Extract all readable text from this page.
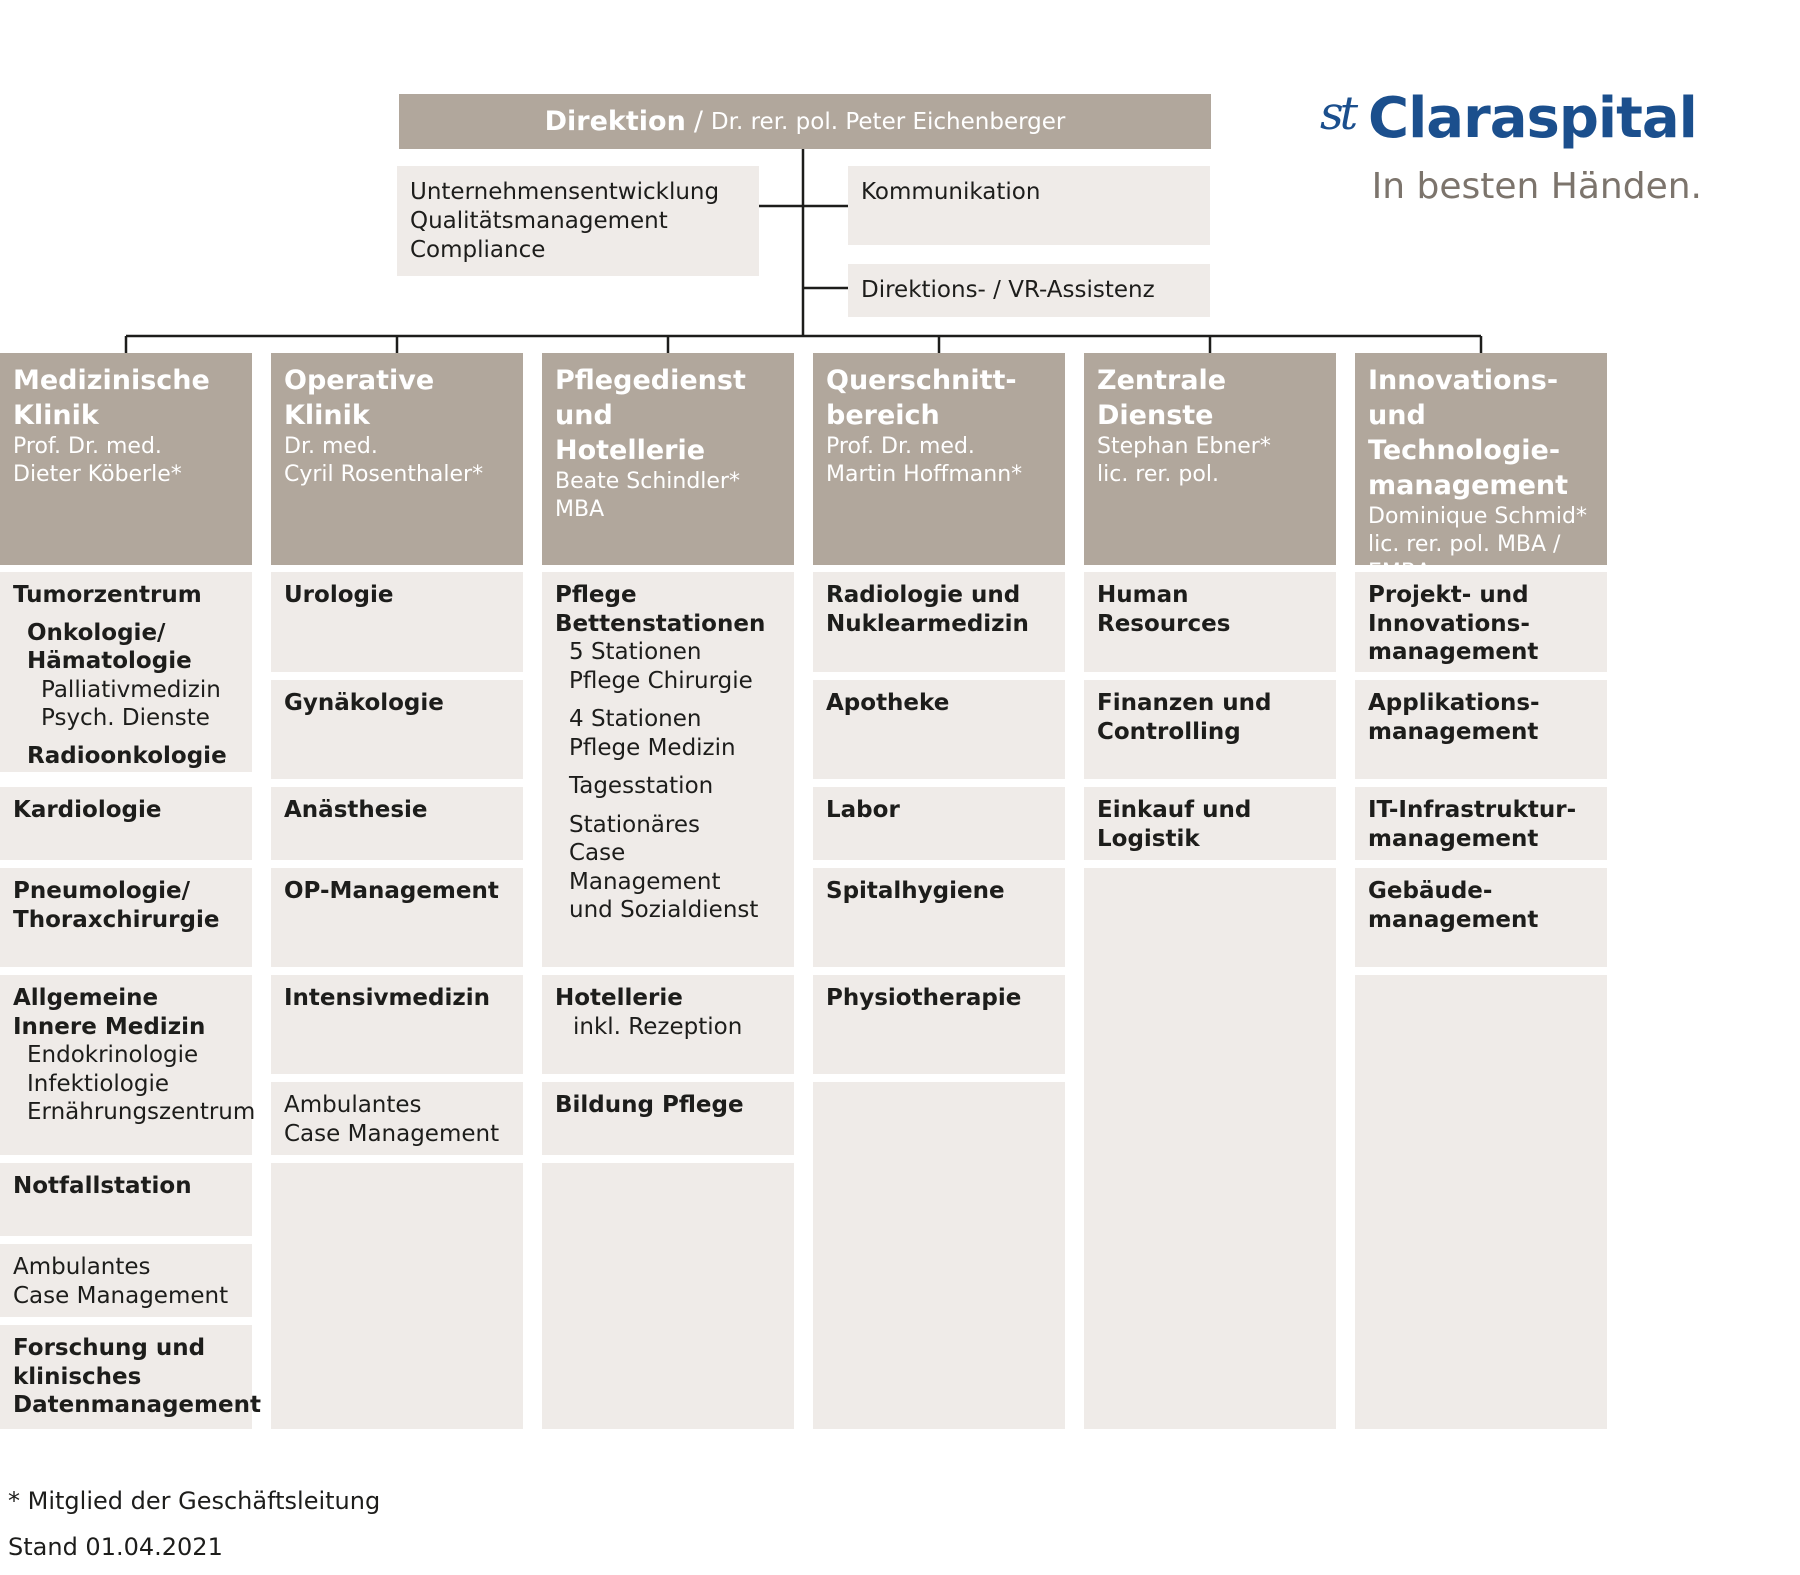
Direktion / Dr. rer. pol. Peter Eichenberger
Unternehmensentwicklung
Qualitätsmanagement
Compliance
Kommunikation
Direktions- / VR-Assistenz
st Claraspital
In besten Händen.
Medizinische
Klinik
Prof. Dr. med.
Dieter Köberle*
Operative
Klinik
Dr. med.
Cyril Rosenthaler*
Pflegedienst und
Hotellerie
Beate Schindler*
MBA
Querschnitt-
bereich
Prof. Dr. med.
Martin Hoffmann*
Zentrale
Dienste
Stephan Ebner*
lic. rer. pol.
Innovations- und
Technologie-
management
Dominique Schmid*
lic. rer. pol. MBA /
Tumorzentrum
Onkologie/
Hämatologie
Palliativmedizin
Psych. Dienste
Radioonkologie
Kardiologie
Pneumologie/
Thoraxchirurgie
Allgemeine
Innere Medizin
Endokrinologie
Infektiologie
Ernährungszentrum
Notfallstation
Ambulantes
Case Management
Forschung und
klinisches
Datenmanagement
Urologie
Gynäkologie
Anästhesie
OP-Management
Intensivmedizin
Ambulantes
Case Management
Pflege
Bettenstationen
5 Stationen
Pflege Chirurgie
4 Stationen
Pflege Medizin
Tagesstation
Stationäres
Case Management
und Sozialdienst
Hotellerie
inkl. Rezeption
Bildung Pflege
Radiologie und
Nuklearmedizin
Apotheke
Labor
Spitalhygiene
Physiotherapie
Human Resources
Finanzen und
Controlling
Einkauf und
Logistik
Projekt- und
Innovations-
management
Applikations-
management
IT-Infrastruktur-
management
Gebäude-
management
* Mitglied der Geschäftsleitung
Stand 01.04.2021
